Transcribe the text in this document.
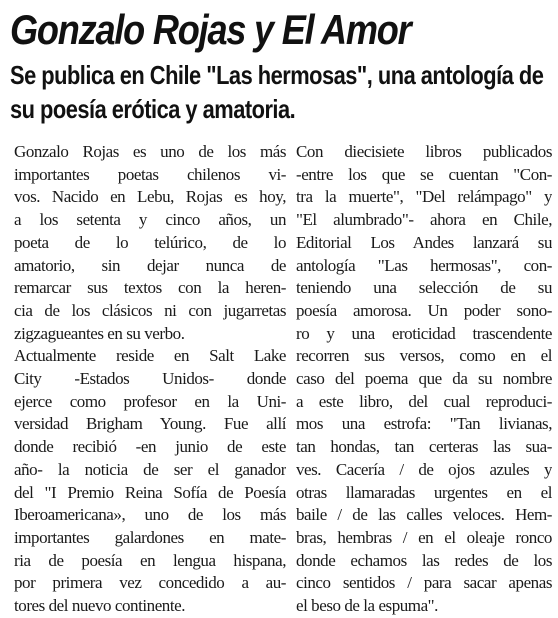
Gonzalo Rojas y El Amor
Se publica en Chile "Las hermosas", una antología de
su poesía erótica y amatoria.
Gonzalo Rojas es uno de los más
importantes poetas chilenos vi-
vos. Nacido en Lebu, Rojas es hoy,
a los setenta y cinco años, un
poeta de lo telúrico, de lo
amatorio, sin dejar nunca de
remarcar sus textos con la heren-
cia de los clásicos ni con jugarretas
zigzagueantes en su verbo.
Actualmente reside en Salt Lake
City -Estados Unidos- donde
ejerce como profesor en la Uni-
versidad Brigham Young. Fue allí
donde recibió -en junio de este
año- la noticia de ser el ganador
del "I Premio Reina Sofía de Poesía
Iberoamericana», uno de los más
importantes galardones en mate-
ria de poesía en lengua hispana,
por primera vez concedido a au-
tores del nuevo continente.
Con diecisiete libros publicados
-entre los que se cuentan "Con-
tra la muerte", "Del relámpago" y
"El alumbrado"- ahora en Chile,
Editorial Los Andes lanzará su
antología "Las hermosas", con-
teniendo una selección de su
poesía amorosa. Un poder sono-
ro y una eroticidad trascendente
recorren sus versos, como en el
caso del poema que da su nombre
a este libro, del cual reproduci-
mos una estrofa: "Tan livianas,
tan hondas, tan certeras las sua-
ves. Cacería / de ojos azules y
otras llamaradas urgentes en el
baile / de las calles veloces. Hem-
bras, hembras / en el oleaje ronco
donde echamos las redes de los
cinco sentidos / para sacar apenas
el beso de la espuma".
